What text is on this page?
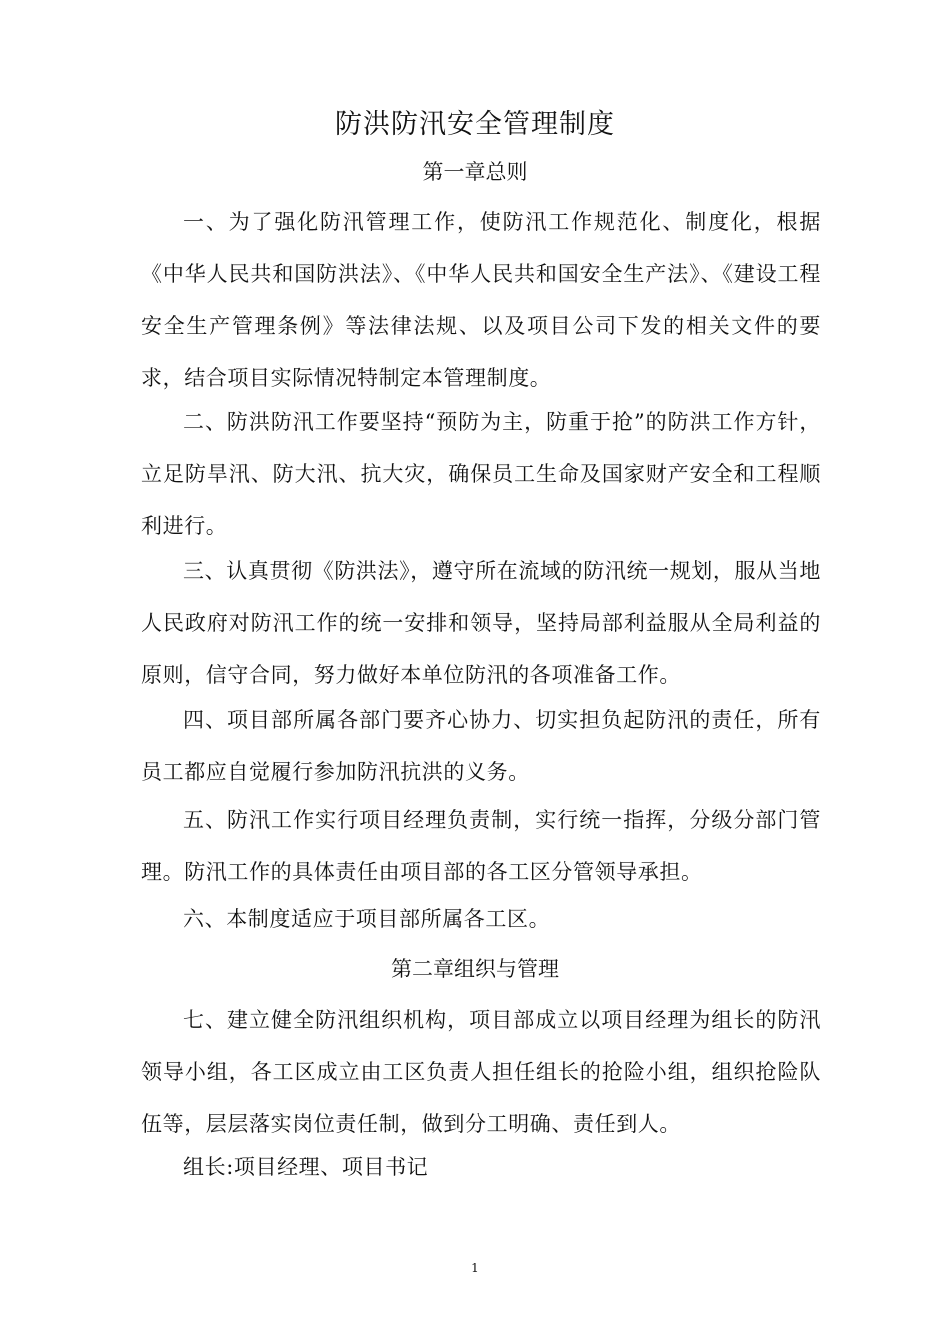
防洪防汛安全管理制度
第一章总则
一、为了强化防汛管理工作，使防汛工作规范化、制度化，根据《中华人民共和国防洪法》、《中华人民共和国安全生产法》、《建设工程安全生产管理条例》等法律法规、以及项目公司下发的相关文件的要求，结合项目实际情况特制定本管理制度。
二、防洪防汛工作要坚持“预防为主，防重于抢”的防洪工作方针，立足防旱汛、防大汛、抗大灾，确保员工生命及国家财产安全和工程顺利进行。
三、认真贯彻《防洪法》，遵守所在流域的防汛统一规划，服从当地人民政府对防汛工作的统一安排和领导，坚持局部利益服从全局利益的原则，信守合同，努力做好本单位防汛的各项准备工作。
四、项目部所属各部门要齐心协力、切实担负起防汛的责任，所有员工都应自觉履行参加防汛抗洪的义务。
五、防汛工作实行项目经理负责制，实行统一指挥，分级分部门管理。防汛工作的具体责任由项目部的各工区分管领导承担。
六、本制度适应于项目部所属各工区。
第二章组织与管理
七、建立健全防汛组织机构，项目部成立以项目经理为组长的防汛领导小组，各工区成立由工区负责人担任组长的抢险小组，组织抢险队伍等，层层落实岗位责任制，做到分工明确、责任到人。
组长:项目经理、项目书记
1
